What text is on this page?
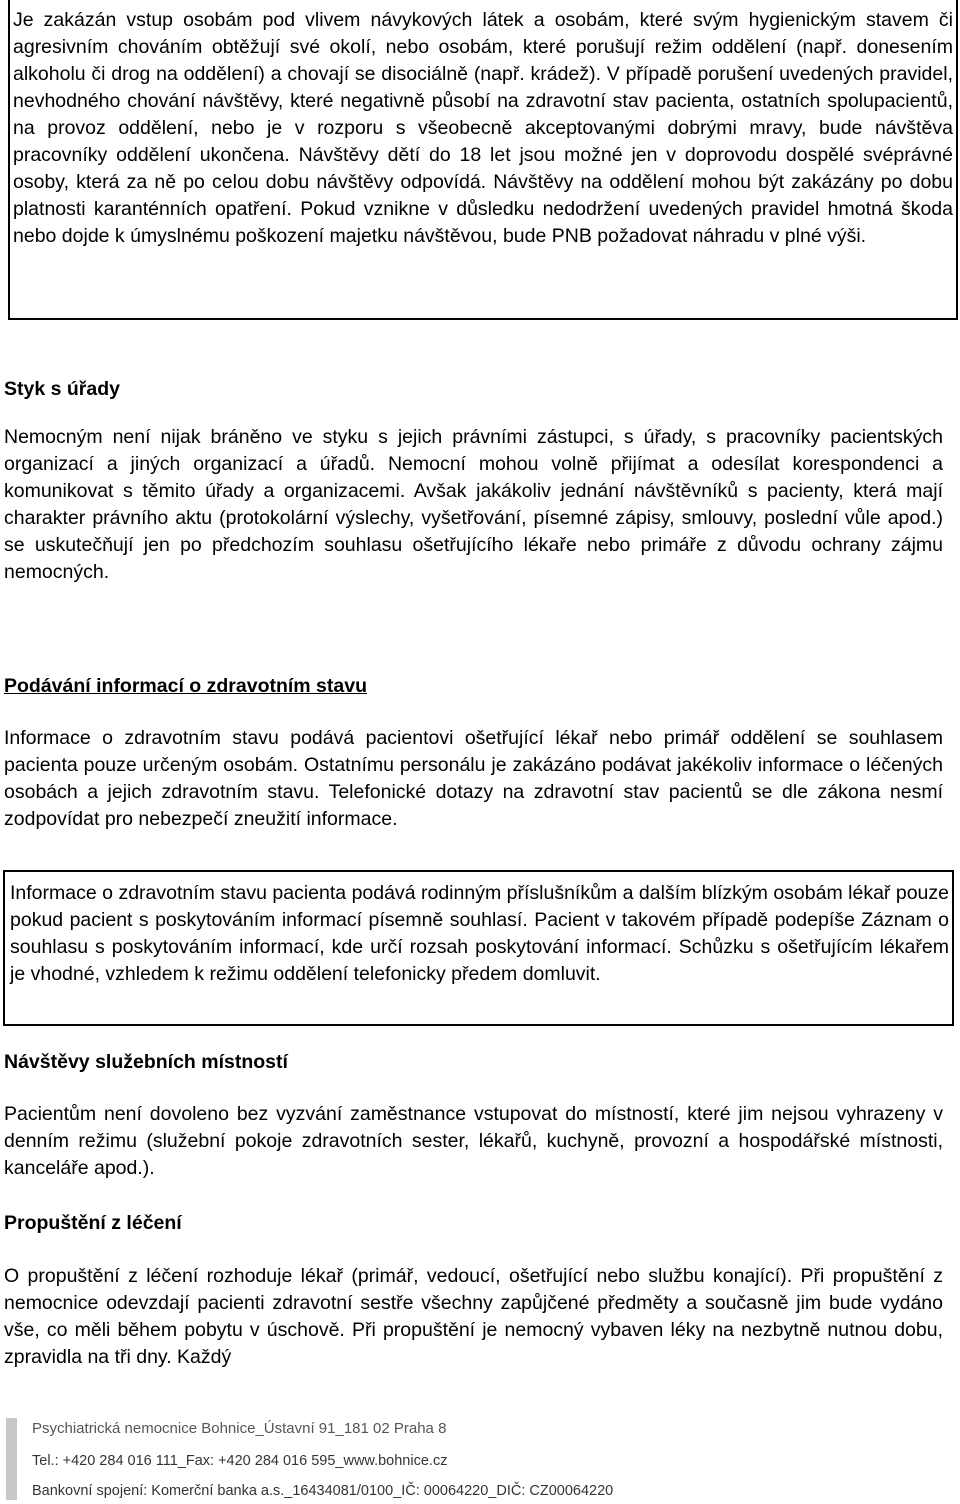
Je zakázán vstup osobám pod vlivem návykových látek a osobám, které svým hygienickým stavem či agresivním chováním obtěžují své okolí, nebo osobám, které porušují režim oddělení (např. donesením alkoholu či drog na oddělení) a chovají se disociálně (např. krádež). V případě porušení uvedených pravidel, nevhodného chování návštěvy, které negativně působí na zdravotní stav pacienta, ostatních spolupacientů, na provoz oddělení, nebo je v rozporu s všeobecně akceptovanými dobrými mravy, bude návštěva pracovníky oddělení ukončena. Návštěvy dětí do 18 let jsou možné jen v doprovodu dospělé svéprávné osoby, která za ně po celou dobu návštěvy odpovídá. Návštěvy na oddělení mohou být zakázány po dobu platnosti karanténních opatření. Pokud vznikne v důsledku nedodržení uvedených pravidel hmotná škoda nebo dojde k úmyslnému poškození majetku návštěvou, bude PNB požadovat náhradu v plné výši.

Styk s úřady

Nemocným není nijak bráněno ve styku s jejich právními zástupci, s úřady, s pracovníky pacientských organizací a jiných organizací a úřadů. Nemocní mohou volně přijímat a odesílat korespondenci a komunikovat s těmito úřady a organizacemi. Avšak jakákoliv jednání návštěvníků s pacienty, která mají charakter právního aktu (protokolární výslechy, vyšetřování, písemné zápisy, smlouvy, poslední vůle apod.) se uskutečňují jen po předchozím souhlasu ošetřujícího lékaře nebo primáře z důvodu ochrany zájmu nemocných.

Podávání informací o zdravotním stavu

Informace o zdravotním stavu podává pacientovi ošetřující lékař nebo primář oddělení se souhlasem pacienta pouze určeným osobám. Ostatnímu personálu je zakázáno podávat jakékoliv informace o léčených osobách a jejich zdravotním stavu. Telefonické dotazy na zdravotní stav pacientů se dle zákona nesmí zodpovídat pro nebezpečí zneužití informace.

Informace o zdravotním stavu pacienta podává rodinným příslušníkům a dalším blízkým osobám lékař pouze pokud pacient s poskytováním informací písemně souhlasí. Pacient v takovém případě podepíše Záznam o souhlasu s poskytováním informací, kde určí rozsah poskytování informací. Schůzku s ošetřujícím lékařem je vhodné, vzhledem k režimu oddělení telefonicky předem domluvit.

Návštěvy služebních místností

Pacientům není dovoleno bez vyzvání zaměstnance vstupovat do místností, které jim nejsou vyhrazeny v denním režimu (služební pokoje zdravotních sester, lékařů, kuchyně, provozní a hospodářské místnosti, kanceláře apod.).

Propuštění z léčení

O propuštění z léčení rozhoduje lékař (primář, vedoucí, ošetřující nebo službu konající). Při propuštění z nemocnice odevzdají pacienti zdravotní sestře všechny zapůjčené předměty a současně jim bude vydáno vše, co měli během pobytu v úschově. Při propuštění je nemocný vybaven léky na nezbytně nutnou dobu, zpravidla na tři dny. Každý

Psychiatrická nemocnice Bohnice_Ústavní 91_181 02 Praha 8
Tel.: +420 284 016 111_Fax: +420 284 016 595_www.bohnice.cz
Bankovní spojení: Komerční banka a.s._16434081/0100_IČ: 00064220_DIČ: CZ00064220
